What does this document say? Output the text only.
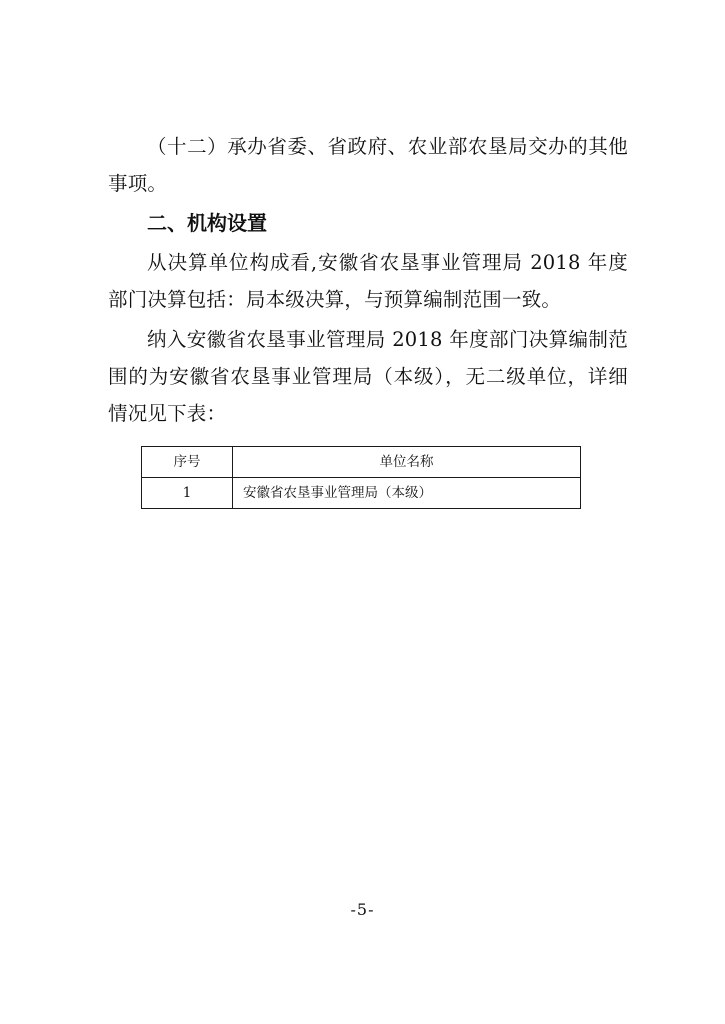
（十二）承办省委、省政府、农业部农垦局交办的其他事项。

二、机构设置

从决算单位构成看,安徽省农垦事业管理局 2018 年度部门决算包括：局本级决算，与预算编制范围一致。

纳入安徽省农垦事业管理局 2018 年度部门决算编制范围的为安徽省农垦事业管理局（本级），无二级单位，详细情况见下表：

序号	单位名称
1	安徽省农垦事业管理局（本级）
-5-
